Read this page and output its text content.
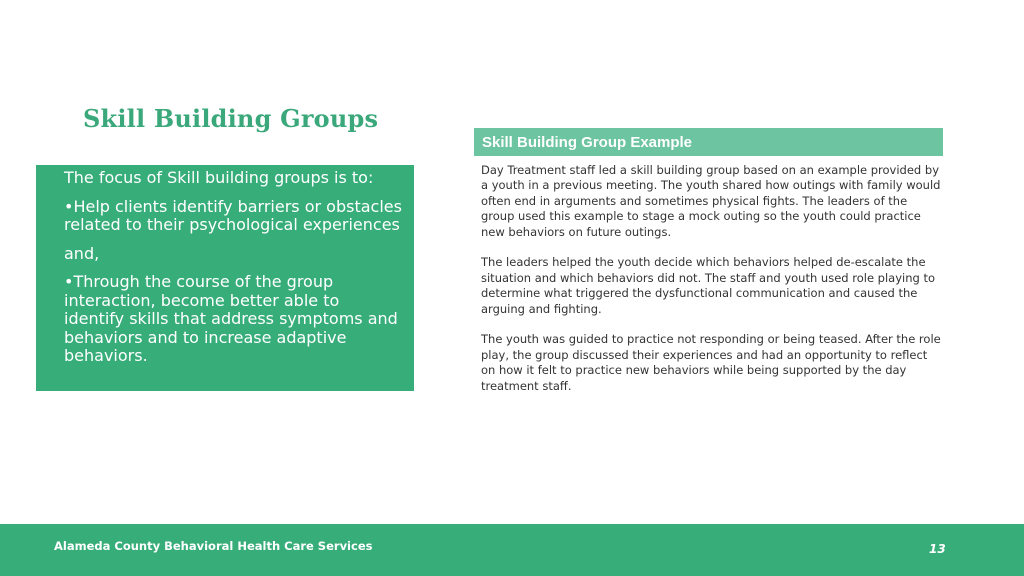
Skill Building Groups

The focus of Skill building groups is to:

•Help clients identify barriers or obstacles related to their psychological experiences

and,

•Through the course of the group interaction, become better able to identify skills that address symptoms and behaviors and to increase adaptive behaviors.

Skill Building Group Example

Day Treatment staff led a skill building group based on an example provided by a youth in a previous meeting. The youth shared how outings with family would often end in arguments and sometimes physical fights. The leaders of the group used this example to stage a mock outing so the youth could practice new behaviors on future outings.

The leaders helped the youth decide which behaviors helped de-escalate the situation and which behaviors did not. The staff and youth used role playing to determine what triggered the dysfunctional communication and caused the arguing and fighting.

The youth was guided to practice not responding or being teased. After the role play, the group discussed their experiences and had an opportunity to reflect on how it felt to practice new behaviors while being supported by the day treatment staff.

Alameda County Behavioral Health Care Services	13
